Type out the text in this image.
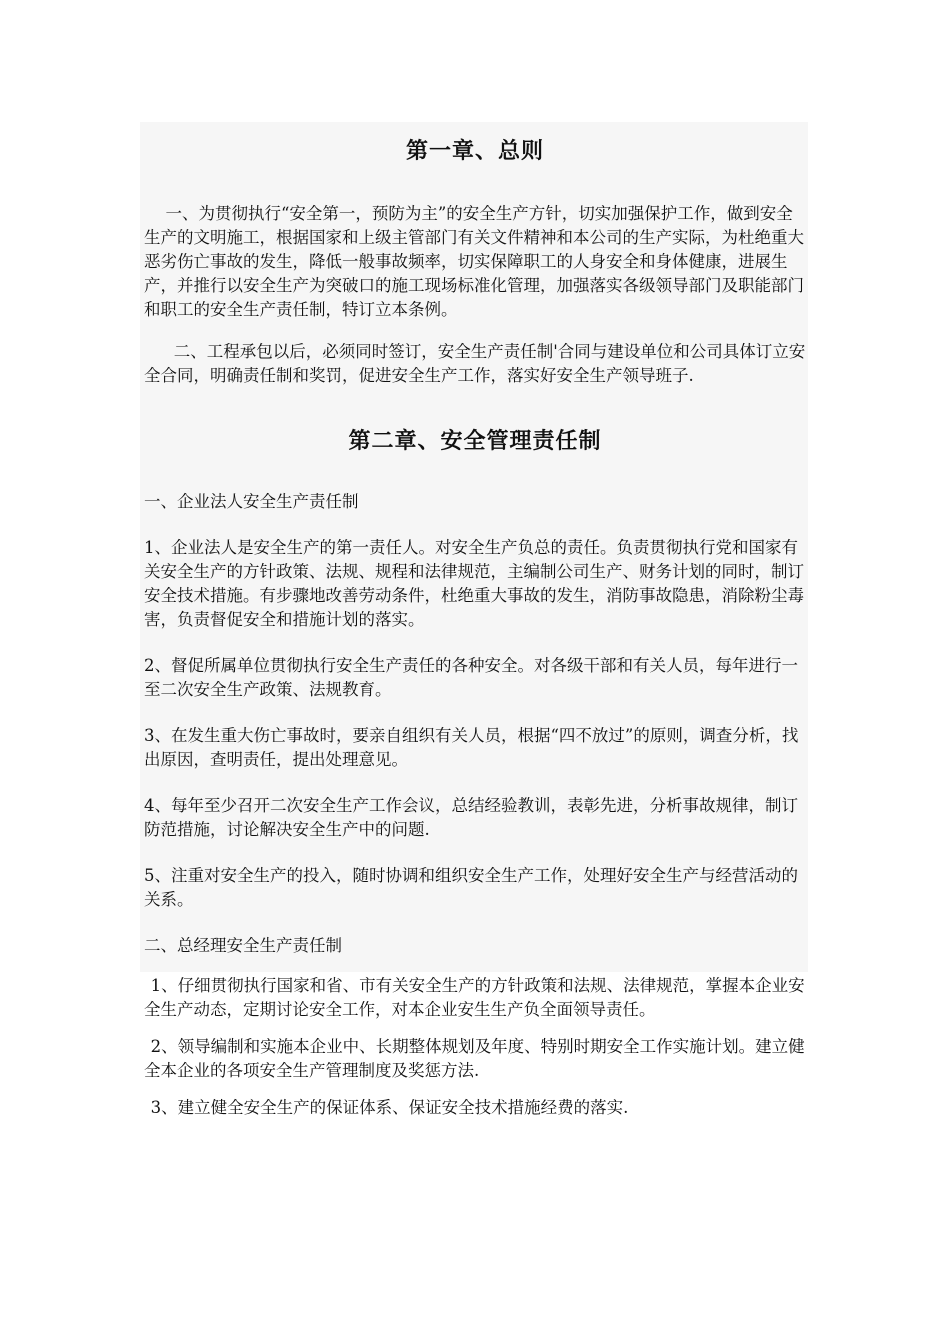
第一章、总则

一、为贯彻执行“安全第一，预防为主”的安全生产方针，切实加强保护工作，做到安全生产的文明施工，根据国家和上级主管部门有关文件精神和本公司的生产实际，为杜绝重大恶劣伤亡事故的发生，降低一般事故频率，切实保障职工的人身安全和身体健康，进展生产，并推行以安全生产为突破口的施工现场标准化管理，加强落实各级领导部门及职能部门和职工的安全生产责任制，特订立本条例。

二、工程承包以后，必须同时签订，安全生产责任制'合同与建设单位和公司具体订立安全合同，明确责任制和奖罚，促进安全生产工作，落实好安全生产领导班子.

第二章、安全管理责任制

一、企业法人安全生产责任制

1、企业法人是安全生产的第一责任人。对安全生产负总的责任。负责贯彻执行党和国家有关安全生产的方针政策、法规、规程和法律规范，主编制公司生产、财务计划的同时，制订安全技术措施。有步骤地改善劳动条件，杜绝重大事故的发生，消防事故隐患，消除粉尘毒害，负责督促安全和措施计划的落实。

2、督促所属单位贯彻执行安全生产责任的各种安全。对各级干部和有关人员，每年进行一至二次安全生产政策、法规教育。

3、在发生重大伤亡事故时，要亲自组织有关人员，根据“四不放过”的原则，调查分析，找出原因，查明责任，提出处理意见。

4、每年至少召开二次安全生产工作会议，总结经验教训，表彰先进，分析事故规律，制订防范措施，讨论解决安全生产中的问题.

5、注重对安全生产的投入，随时协调和组织安全生产工作，处理好安全生产与经营活动的关系。

二、总经理安全生产责任制

1、仔细贯彻执行国家和省、市有关安全生产的方针政策和法规、法律规范，掌握本企业安全生产动态，定期讨论安全工作，对本企业安生生产负全面领导责任。

2、领导编制和实施本企业中、长期整体规划及年度、特别时期安全工作实施计划。建立健全本企业的各项安全生产管理制度及奖惩方法.

3、建立健全安全生产的保证体系、保证安全技术措施经费的落实.
